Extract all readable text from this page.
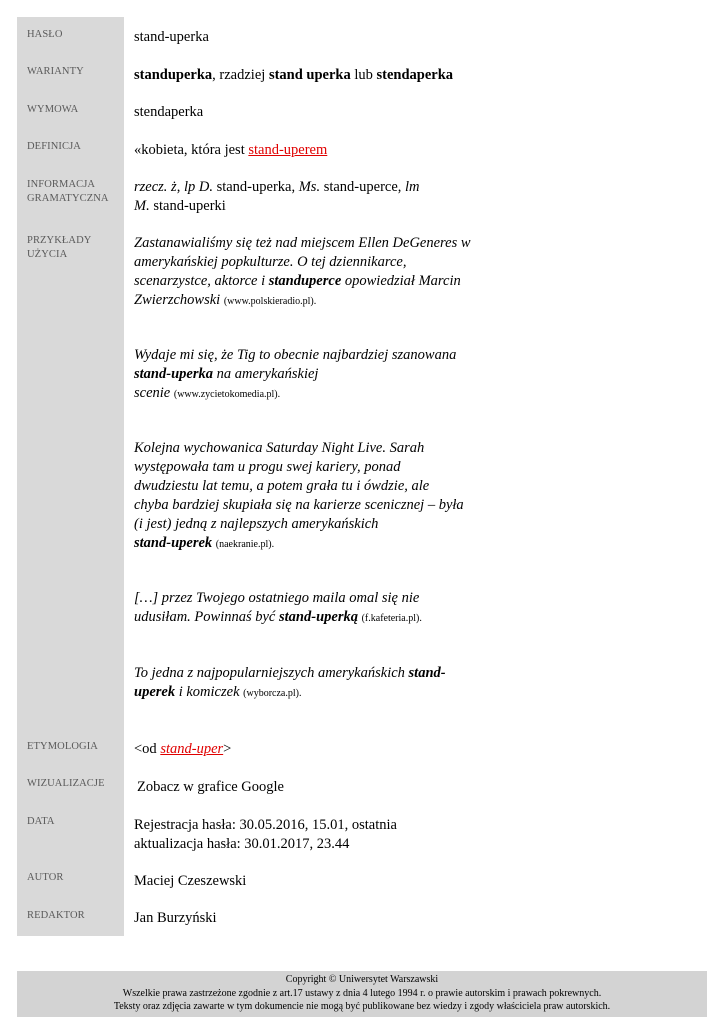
HASŁO
WARIANTY
WYMOWA
DEFINICJA
INFORMACJA
GRAMATYCZNA
PRZYKŁADY
UŻYCIA
ETYMOLOGIA
WIZUALIZACJE
DATA
AUTOR
REDAKTOR
stand-uperka
standuperka, rzadziej stand uperka lub stendaperka
stendaperka
«kobieta, która jest stand-uperem
rzecz. ż, lp D. stand-uperka, Ms. stand-uperce, lm
M. stand-uperki
Zastanawialiśmy się też nad miejscem Ellen DeGeneres w
amerykańskiej popkulturze. O tej dziennikarce,
scenarzystce, aktorce i standuperce opowiedział Marcin
Zwierzchowski (www.polskieradio.pl).
Wydaje mi się, że Tig to obecnie najbardziej szanowana
stand-uperka na amerykańskiej
scenie (www.zycietokomedia.pl).
Kolejna wychowanica Saturday Night Live. Sarah
występowała tam u progu swej kariery, ponad
dwudziestu lat temu, a potem grała tu i ówdzie, ale
chyba bardziej skupiała się na karierze scenicznej – była
(i jest) jedną z najlepszych amerykańskich
stand-uperek (naekranie.pl).
[…] przez Twojego ostatniego maila omal się nie
udusiłam. Powinnaś być stand-uperką (f.kafeteria.pl).
To jedna z najpopularniejszych amerykańskich stand-
uperek i komiczek (wyborcza.pl).
<od stand-uper>
Zobacz w grafice Google
Rejestracja hasła: 30.05.2016, 15.01, ostatnia
aktualizacja hasła: 30.01.2017, 23.44
Maciej Czeszewski
Jan Burzyński
Copyright © Uniwersytet Warszawski
Wszelkie prawa zastrzeżone zgodnie z art.17 ustawy z dnia 4 lutego 1994 r. o prawie autorskim i prawach pokrewnych.
Teksty oraz zdjęcia zawarte w tym dokumencie nie mogą być publikowane bez wiedzy i zgody właściciela praw autorskich.
